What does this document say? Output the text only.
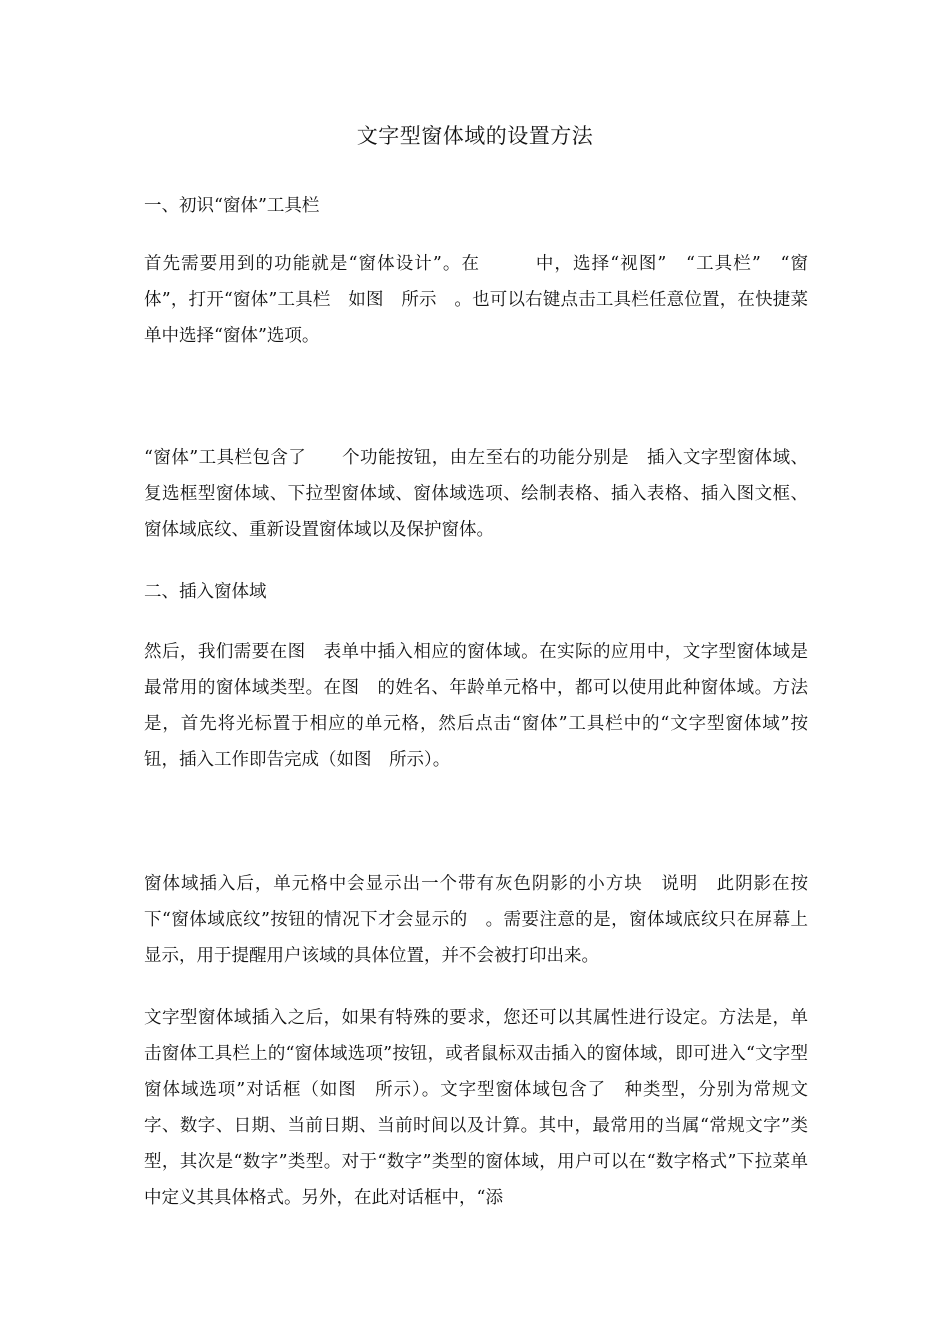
文字型窗体域的设置方法
一、初识“窗体”工具栏
首先需要用到的功能就是“窗体设计”。在　　　中，选择“视图”　“工具栏”　“窗体”，打开“窗体”工具栏　如图　所示　。也可以右键点击工具栏任意位置，在快捷菜单中选择“窗体”选项。
“窗体”工具栏包含了　　个功能按钮，由左至右的功能分别是　插入文字型窗体域、复选框型窗体域、下拉型窗体域、窗体域选项、绘制表格、插入表格、插入图文框、窗体域底纹、重新设置窗体域以及保护窗体。
二、插入窗体域
然后，我们需要在图　表单中插入相应的窗体域。在实际的应用中，文字型窗体域是最常用的窗体域类型。在图　的姓名、年龄单元格中，都可以使用此种窗体域。方法是，首先将光标置于相应的单元格，然后点击“窗体”工具栏中的“文字型窗体域”按钮，插入工作即告完成（如图　所示）。
窗体域插入后，单元格中会显示出一个带有灰色阴影的小方块　说明　此阴影在按下“窗体域底纹”按钮的情况下才会显示的　。需要注意的是，窗体域底纹只在屏幕上显示，用于提醒用户该域的具体位置，并不会被打印出来。
文字型窗体域插入之后，如果有特殊的要求，您还可以其属性进行设定。方法是，单击窗体工具栏上的“窗体域选项”按钮，或者鼠标双击插入的窗体域，即可进入“文字型窗体域选项”对话框（如图　所示）。文字型窗体域包含了　种类型，分别为常规文字、数字、日期、当前日期、当前时间以及计算。其中，最常用的当属“常规文字”类型，其次是“数字”类型。对于“数字”类型的窗体域，用户可以在“数字格式”下拉菜单中定义其具体格式。另外，在此对话框中，“添
